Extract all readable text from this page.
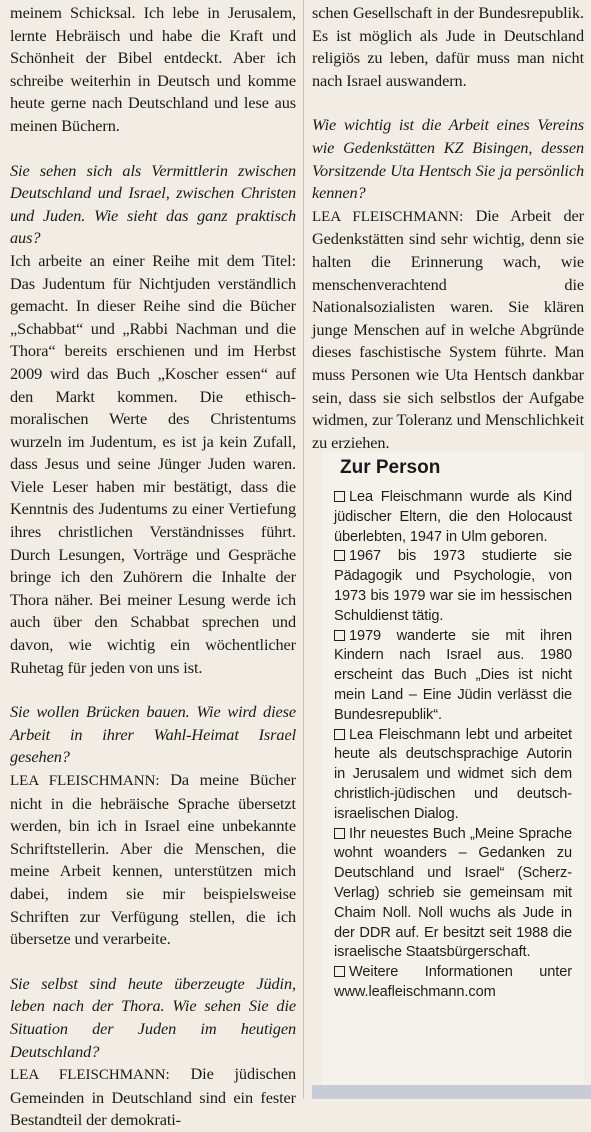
meinem Schicksal. Ich lebe in Jerusalem, lernte Hebräisch und habe die Kraft und Schönheit der Bibel entdeckt. Aber ich schreibe weiterhin in Deutsch und komme heute gerne nach Deutschland und lese aus meinen Büchern.

Sie sehen sich als Vermittlerin zwischen Deutschland und Israel, zwischen Christen und Juden. Wie sieht das ganz praktisch aus?

Ich arbeite an einer Reihe mit dem Titel: Das Judentum für Nichtjuden verständlich gemacht. In dieser Reihe sind die Bücher „Schabbat“ und „Rabbi Nachman und die Thora“ bereits erschienen und im Herbst 2009 wird das Buch „Koscher essen“ auf den Markt kommen. Die ethisch-moralischen Werte des Christentums wurzeln im Judentum, es ist ja kein Zufall, dass Jesus und seine Jünger Juden waren. Viele Leser haben mir bestätigt, dass die Kenntnis des Judentums zu einer Vertiefung ihres christlichen Verständnisses führt. Durch Lesungen, Vorträge und Gespräche bringe ich den Zuhörern die Inhalte der Thora näher. Bei meiner Lesung werde ich auch über den Schabbat sprechen und davon, wie wichtig ein wöchentlicher Ruhetag für jeden von uns ist.

Sie wollen Brücken bauen. Wie wird diese Arbeit in ihrer Wahl-Heimat Israel gesehen?

LEA FLEISCHMANN: Da meine Bücher nicht in die hebräische Sprache übersetzt werden, bin ich in Israel eine unbekannte Schriftstellerin. Aber die Menschen, die meine Arbeit kennen, unterstützen mich dabei, indem sie mir beispielsweise Schriften zur Verfügung stellen, die ich übersetze und verarbeite.

Sie selbst sind heute überzeugte Jüdin, leben nach der Thora. Wie sehen Sie die Situation der Juden im heutigen Deutschland?

LEA FLEISCHMANN: Die jüdischen Gemeinden in Deutschland sind ein fester Bestandteil der demokrati-

schen Gesellschaft in der Bundesrepublik. Es ist möglich als Jude in Deutschland religiös zu leben, dafür muss man nicht nach Israel auswandern.

Wie wichtig ist die Arbeit eines Vereins wie Gedenkstätten KZ Bisingen, dessen Vorsitzende Uta Hentsch Sie ja persönlich kennen?

LEA FLEISCHMANN: Die Arbeit der Gedenkstätten sind sehr wichtig, denn sie halten die Erinnerung wach, wie menschenverachtend die Nationalsozialisten waren. Sie klären junge Menschen auf in welche Abgründe dieses faschistische System führte. Man muss Personen wie Uta Hentsch dankbar sein, dass sie sich selbstlos der Aufgabe widmen, zur Toleranz und Menschlichkeit zu erziehen.

Zur Person

Lea Fleischmann wurde als Kind jüdischer Eltern, die den Holocaust überlebten, 1947 in Ulm geboren.

1967 bis 1973 studierte sie Pädagogik und Psychologie, von 1973 bis 1979 war sie im hessischen Schuldienst tätig.

1979 wanderte sie mit ihren Kindern nach Israel aus. 1980 erscheint das Buch „Dies ist nicht mein Land – Eine Jüdin verlässt die Bundesrepublik“.

Lea Fleischmann lebt und arbeitet heute als deutschsprachige Autorin in Jerusalem und widmet sich dem christlich-jüdischen und deutsch-israelischen Dialog.

Ihr neuestes Buch „Meine Sprache wohnt woanders – Gedanken zu Deutschland und Israel“ (Scherz-Verlag) schrieb sie gemeinsam mit Chaim Noll. Noll wuchs als Jude in der DDR auf. Er besitzt seit 1988 die israelische Staatsbürgerschaft.

Weitere Informationen unter www.leafleischmann.com
